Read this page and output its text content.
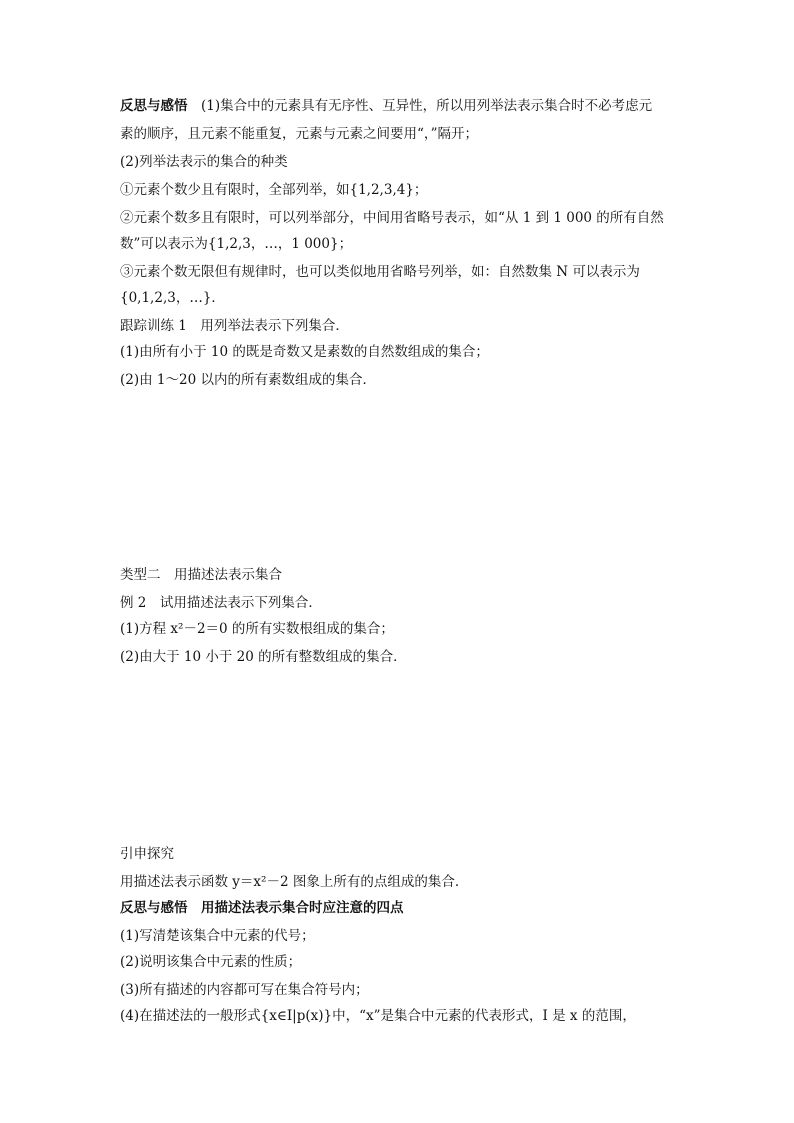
反思与感悟　 (1)集合中的元素具有无序性、互异性，所以用列举法表示集合时不必考虑元
素的顺序，且元素不能重复，元素与元素之间要用“，”隔开；
(2)列举法表示的集合的种类
①元素个数少且有限时，全部列举，如{1,2,3,4}；
②元素个数多且有限时，可以列举部分，中间用省略号表示，如“从 1 到 1 000 的所有自然
数”可以表示为{1,2,3，…，1 000}；
③元素个数无限但有规律时，也可以类似地用省略号列举，如：自然数集 N 可以表示为
{0,1,2,3，…}．
跟踪训练 1　用列举法表示下列集合．
(1)由所有小于 10 的既是奇数又是素数的自然数组成的集合；
(2)由 1～20 以内的所有素数组成的集合．
类型二　用描述法表示集合
例 2　试用描述法表示下列集合．
(1)方程 x²－2＝0 的所有实数根组成的集合；
(2)由大于 10 小于 20 的所有整数组成的集合．
引申探究
用描述法表示函数 y＝x²－2 图象上所有的点组成的集合．
反思与感悟　用描述法表示集合时应注意的四点
(1)写清楚该集合中元素的代号；
(2)说明该集合中元素的性质；
(3)所有描述的内容都可写在集合符号内；
(4)在描述法的一般形式{x∈I|p(x)}中，“x”是集合中元素的代表形式，I 是 x 的范围，
